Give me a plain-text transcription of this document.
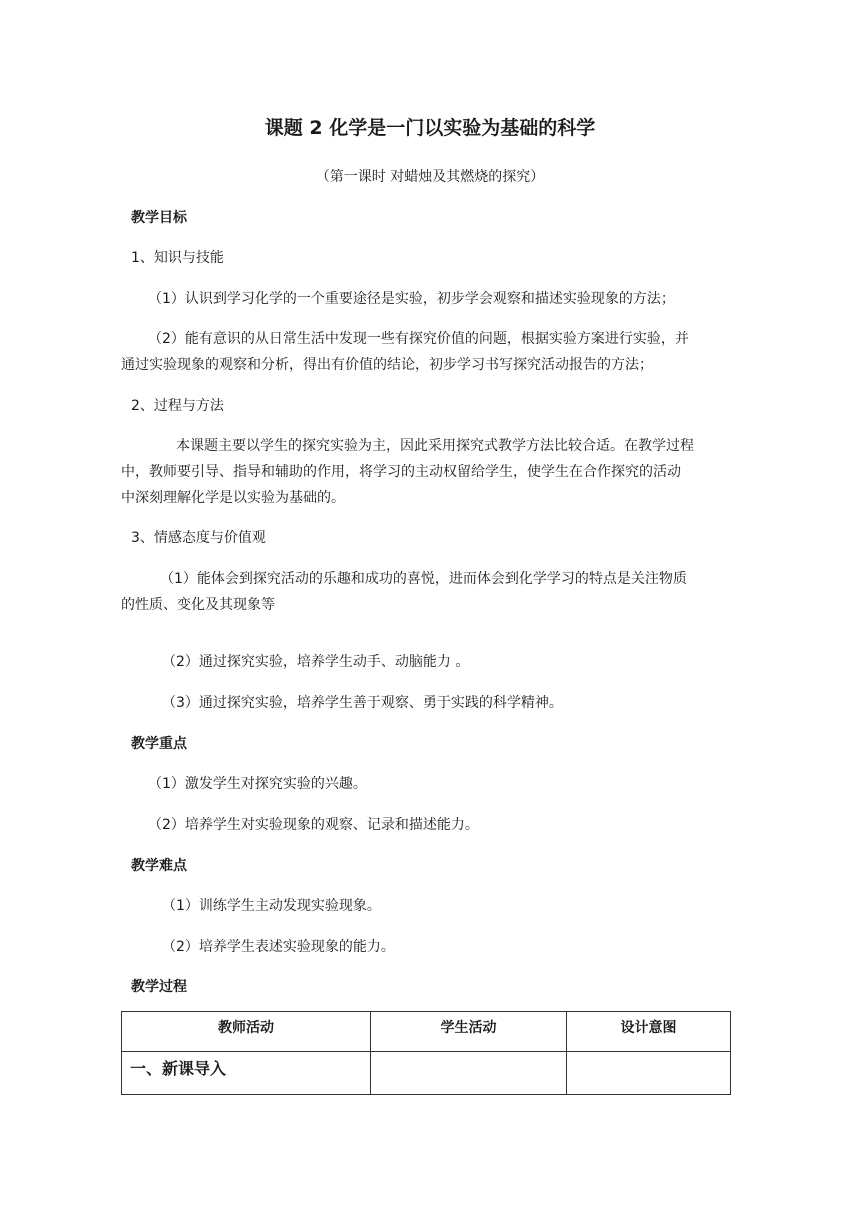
课题 2 化学是一门以实验为基础的科学
（第一课时 对蜡烛及其燃烧的探究）
教学目标
1、知识与技能
（1）认识到学习化学的一个重要途径是实验，初步学会观察和描述实验现象的方法；
（2）能有意识的从日常生活中发现一些有探究价值的问题，根据实验方案进行实验，并
通过实验现象的观察和分析，得出有价值的结论，初步学习书写探究活动报告的方法；
2、过程与方法
本课题主要以学生的探究实验为主，因此采用探究式教学方法比较合适。在教学过程
中，教师要引导、指导和辅助的作用，将学习的主动权留给学生，使学生在合作探究的活动
中深刻理解化学是以实验为基础的。
3、情感态度与价值观
（1）能体会到探究活动的乐趣和成功的喜悦，进而体会到化学学习的特点是关注物质
的性质、变化及其现象等
（2）通过探究实验，培养学生动手、动脑能力 。
（3）通过探究实验，培养学生善于观察、勇于实践的科学精神。
教学重点
（1）激发学生对探究实验的兴趣。
（2）培养学生对实验现象的观察、记录和描述能力。
教学难点
（1）训练学生主动发现实验现象。
（2）培养学生表述实验现象的能力。
教学过程
教师活动	学生活动	设计意图
一、新课导入		
